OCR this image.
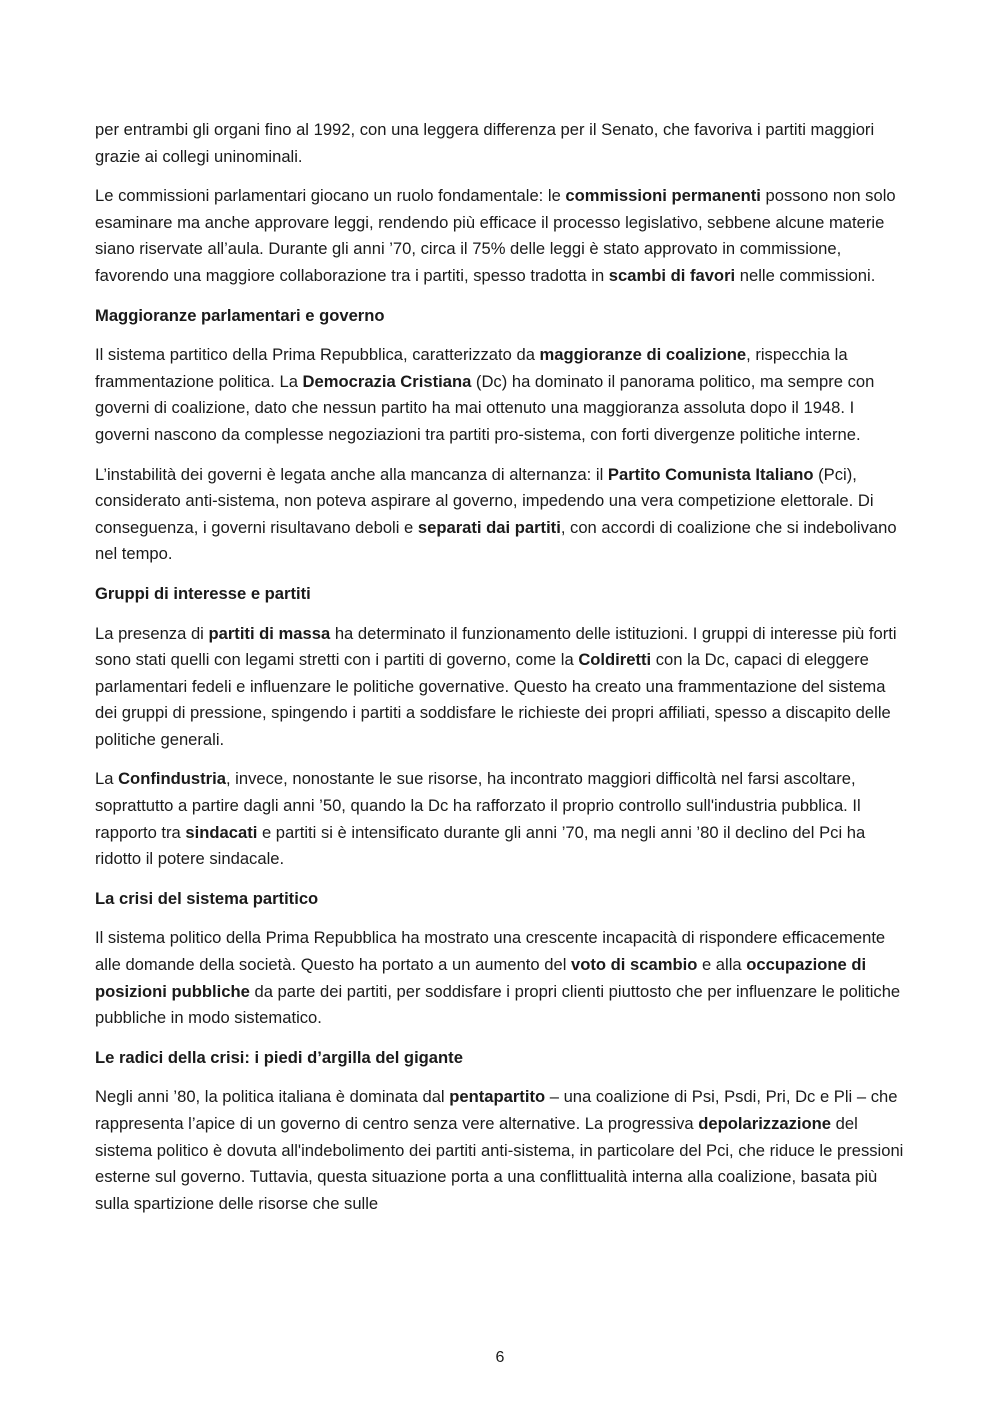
per entrambi gli organi fino al 1992, con una leggera differenza per il Senato, che favoriva i partiti maggiori grazie ai collegi uninominali.

Le commissioni parlamentari giocano un ruolo fondamentale: le commissioni permanenti possono non solo esaminare ma anche approvare leggi, rendendo più efficace il processo legislativo, sebbene alcune materie siano riservate all’aula. Durante gli anni ’70, circa il 75% delle leggi è stato approvato in commissione, favorendo una maggiore collaborazione tra i partiti, spesso tradotta in scambi di favori nelle commissioni.

Maggioranze parlamentari e governo

Il sistema partitico della Prima Repubblica, caratterizzato da maggioranze di coalizione, rispecchia la frammentazione politica. La Democrazia Cristiana (Dc) ha dominato il panorama politico, ma sempre con governi di coalizione, dato che nessun partito ha mai ottenuto una maggioranza assoluta dopo il 1948. I governi nascono da complesse negoziazioni tra partiti pro-sistema, con forti divergenze politiche interne.

L’instabilità dei governi è legata anche alla mancanza di alternanza: il Partito Comunista Italiano (Pci), considerato anti-sistema, non poteva aspirare al governo, impedendo una vera competizione elettorale. Di conseguenza, i governi risultavano deboli e separati dai partiti, con accordi di coalizione che si indebolivano nel tempo.

Gruppi di interesse e partiti

La presenza di partiti di massa ha determinato il funzionamento delle istituzioni. I gruppi di interesse più forti sono stati quelli con legami stretti con i partiti di governo, come la Coldiretti con la Dc, capaci di eleggere parlamentari fedeli e influenzare le politiche governative. Questo ha creato una frammentazione del sistema dei gruppi di pressione, spingendo i partiti a soddisfare le richieste dei propri affiliati, spesso a discapito delle politiche generali.

La Confindustria, invece, nonostante le sue risorse, ha incontrato maggiori difficoltà nel farsi ascoltare, soprattutto a partire dagli anni ’50, quando la Dc ha rafforzato il proprio controllo sull'industria pubblica. Il rapporto tra sindacati e partiti si è intensificato durante gli anni ’70, ma negli anni ’80 il declino del Pci ha ridotto il potere sindacale.

La crisi del sistema partitico

Il sistema politico della Prima Repubblica ha mostrato una crescente incapacità di rispondere efficacemente alle domande della società. Questo ha portato a un aumento del voto di scambio e alla occupazione di posizioni pubbliche da parte dei partiti, per soddisfare i propri clienti piuttosto che per influenzare le politiche pubbliche in modo sistematico.

Le radici della crisi: i piedi d’argilla del gigante

Negli anni ’80, la politica italiana è dominata dal pentapartito – una coalizione di Psi, Psdi, Pri, Dc e Pli – che rappresenta l’apice di un governo di centro senza vere alternative. La progressiva depolarizzazione del sistema politico è dovuta all'indebolimento dei partiti anti-sistema, in particolare del Pci, che riduce le pressioni esterne sul governo. Tuttavia, questa situazione porta a una conflittualità interna alla coalizione, basata più sulla spartizione delle risorse che sulle

6
